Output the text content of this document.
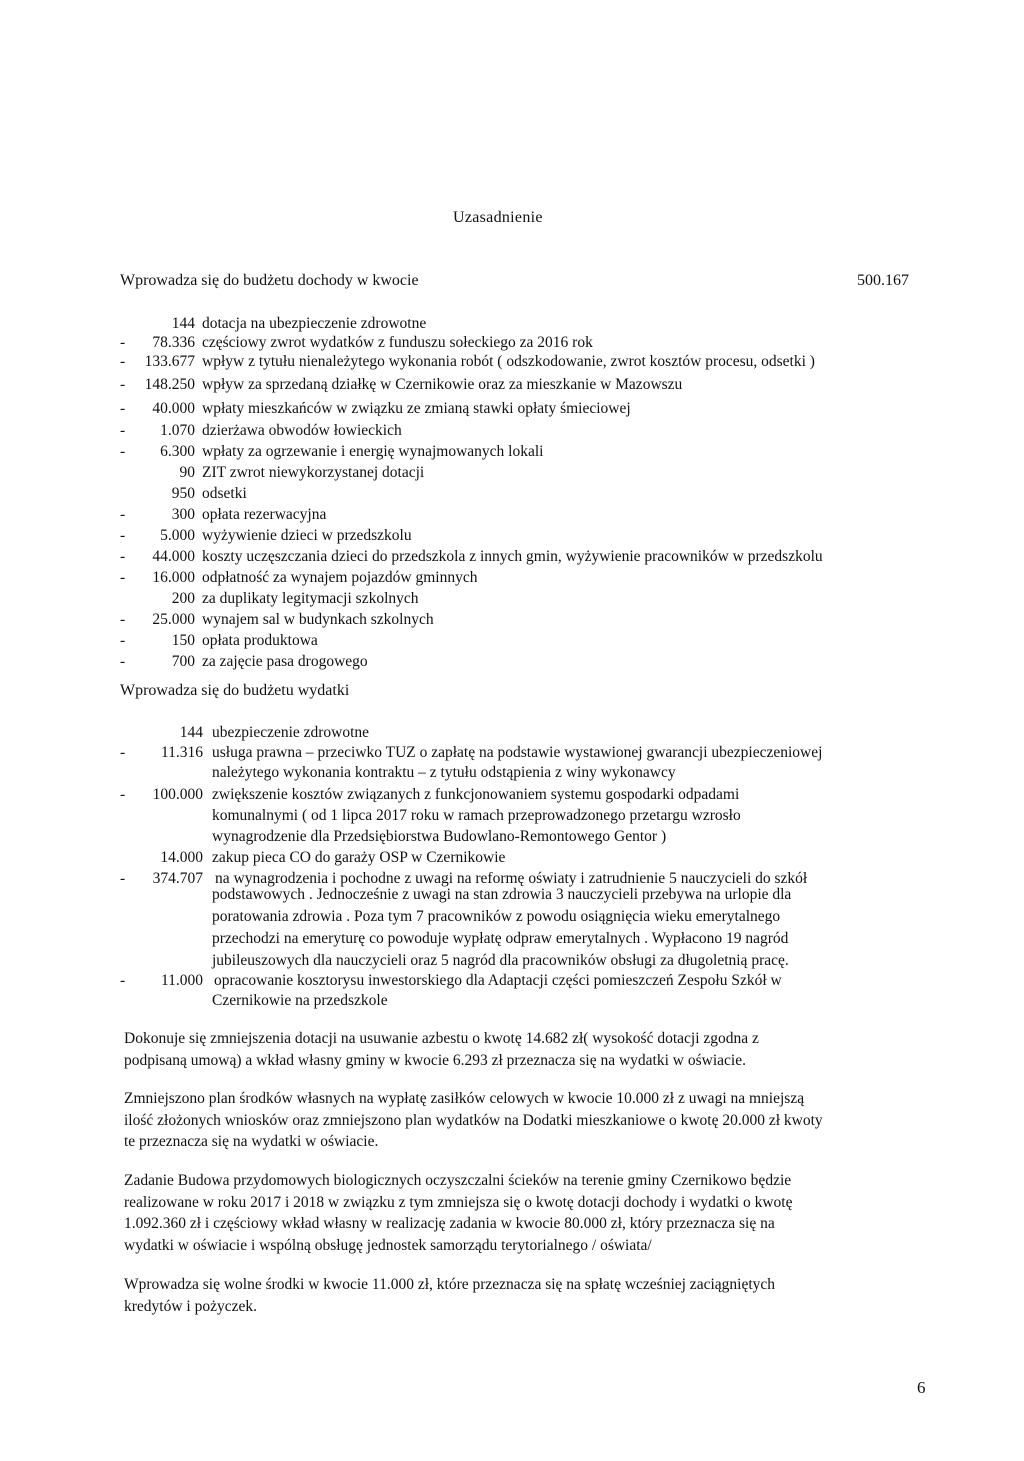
Uzasadnienie
Wprowadza się do budżetu dochody w kwocie	500.167
144 dotacja na ubezpieczenie zdrowotne
- 78.336 częściowy zwrot wydatków z funduszu sołeckiego za 2016 rok
- 133.677 wpływ z tytułu nienależytego wykonania robót ( odszkodowanie, zwrot kosztów procesu, odsetki )
- 148.250 wpływ za sprzedaną działkę w Czernikowie oraz za mieszkanie w Mazowszu
- 40.000 wpłaty mieszkańców w związku ze zmianą stawki opłaty śmieciowej
- 1.070 dzierżawa obwodów łowieckich
- 6.300 wpłaty za ogrzewanie i energię wynajmowanych lokali
90 ZIT zwrot niewykorzystanej dotacji
950 odsetki
-	300 opłata rezerwacyjna
- 5.000 wyżywienie dzieci w przedszkolu
- 44.000 koszty uczęszczania dzieci do przedszkola z innych gmin, wyżywienie pracowników w przedszkolu
- 16.000 odpłatność za wynajem pojazdów gminnych
200 za duplikaty legitymacji szkolnych
- 25.000 wynajem sal w budynkach szkolnych
-	150 opłata produktowa
-	700 za zajęcie pasa drogowego
Wprowadza się do budżetu wydatki
144 ubezpieczenie zdrowotne
- 11.316 usługa prawna – przeciwko TUZ o zapłatę na podstawie wystawionej gwarancji ubezpieczeniowej
należytego wykonania kontraktu – z tytułu odstąpienia z winy wykonawcy
- 100.000 zwiększenie kosztów związanych z funkcjonowaniem systemu gospodarki odpadami
komunalnymi ( od 1 lipca 2017 roku w ramach przeprowadzonego przetargu wzrosło
wynagrodzenie dla Przedsiębiorstwa Budowlano-Remontowego Gentor )
14.000 zakup pieca CO do garaży OSP w Czernikowie
- 374.707 na wynagrodzenia i pochodne z uwagi na reformę oświaty i zatrudnienie 5 nauczycieli do szkół
podstawowych . Jednocześnie z uwagi na stan zdrowia 3 nauczycieli przebywa na urlopie dla
poratowania zdrowia . Poza tym 7 pracowników z powodu osiągnięcia wieku emerytalnego
przechodzi na emeryturę co powoduje wypłatę odpraw emerytalnych . Wypłacono 19 nagród
jubileuszowych dla nauczycieli oraz 5 nagród dla pracowników obsługi za długoletnią pracę.
- 11.000 opracowanie kosztorysu inwestorskiego dla Adaptacji części pomieszczeń Zespołu Szkół w
Czernikowie na przedszkole
Dokonuje się zmniejszenia dotacji na usuwanie azbestu o kwotę 14.682 zł( wysokość dotacji zgodna z
podpisaną umową) a wkład własny gminy w kwocie 6.293 zł przeznacza się na wydatki w oświacie.
Zmniejszono plan środków własnych na wypłatę zasiłków celowych w kwocie 10.000 zł z uwagi na mniejszą
ilość złożonych wniosków oraz zmniejszono plan wydatków na Dodatki mieszkaniowe o kwotę 20.000 zł kwoty
te przeznacza się na wydatki w oświacie.
Zadanie Budowa przydomowych biologicznych oczyszczalni ścieków na terenie gminy Czernikowo będzie
realizowane w roku 2017 i 2018 w związku z tym zmniejsza się o kwotę dotacji dochody i wydatki o kwotę
1.092.360 zł i częściowy wkład własny w realizację zadania w kwocie 80.000 zł, który przeznacza się na
wydatki w oświacie i wspólną obsługę jednostek samorządu terytorialnego / oświata/
Wprowadza się wolne środki w kwocie 11.000 zł, które przeznacza się na spłatę wcześniej zaciągniętych
kredytów i pożyczek.
6
